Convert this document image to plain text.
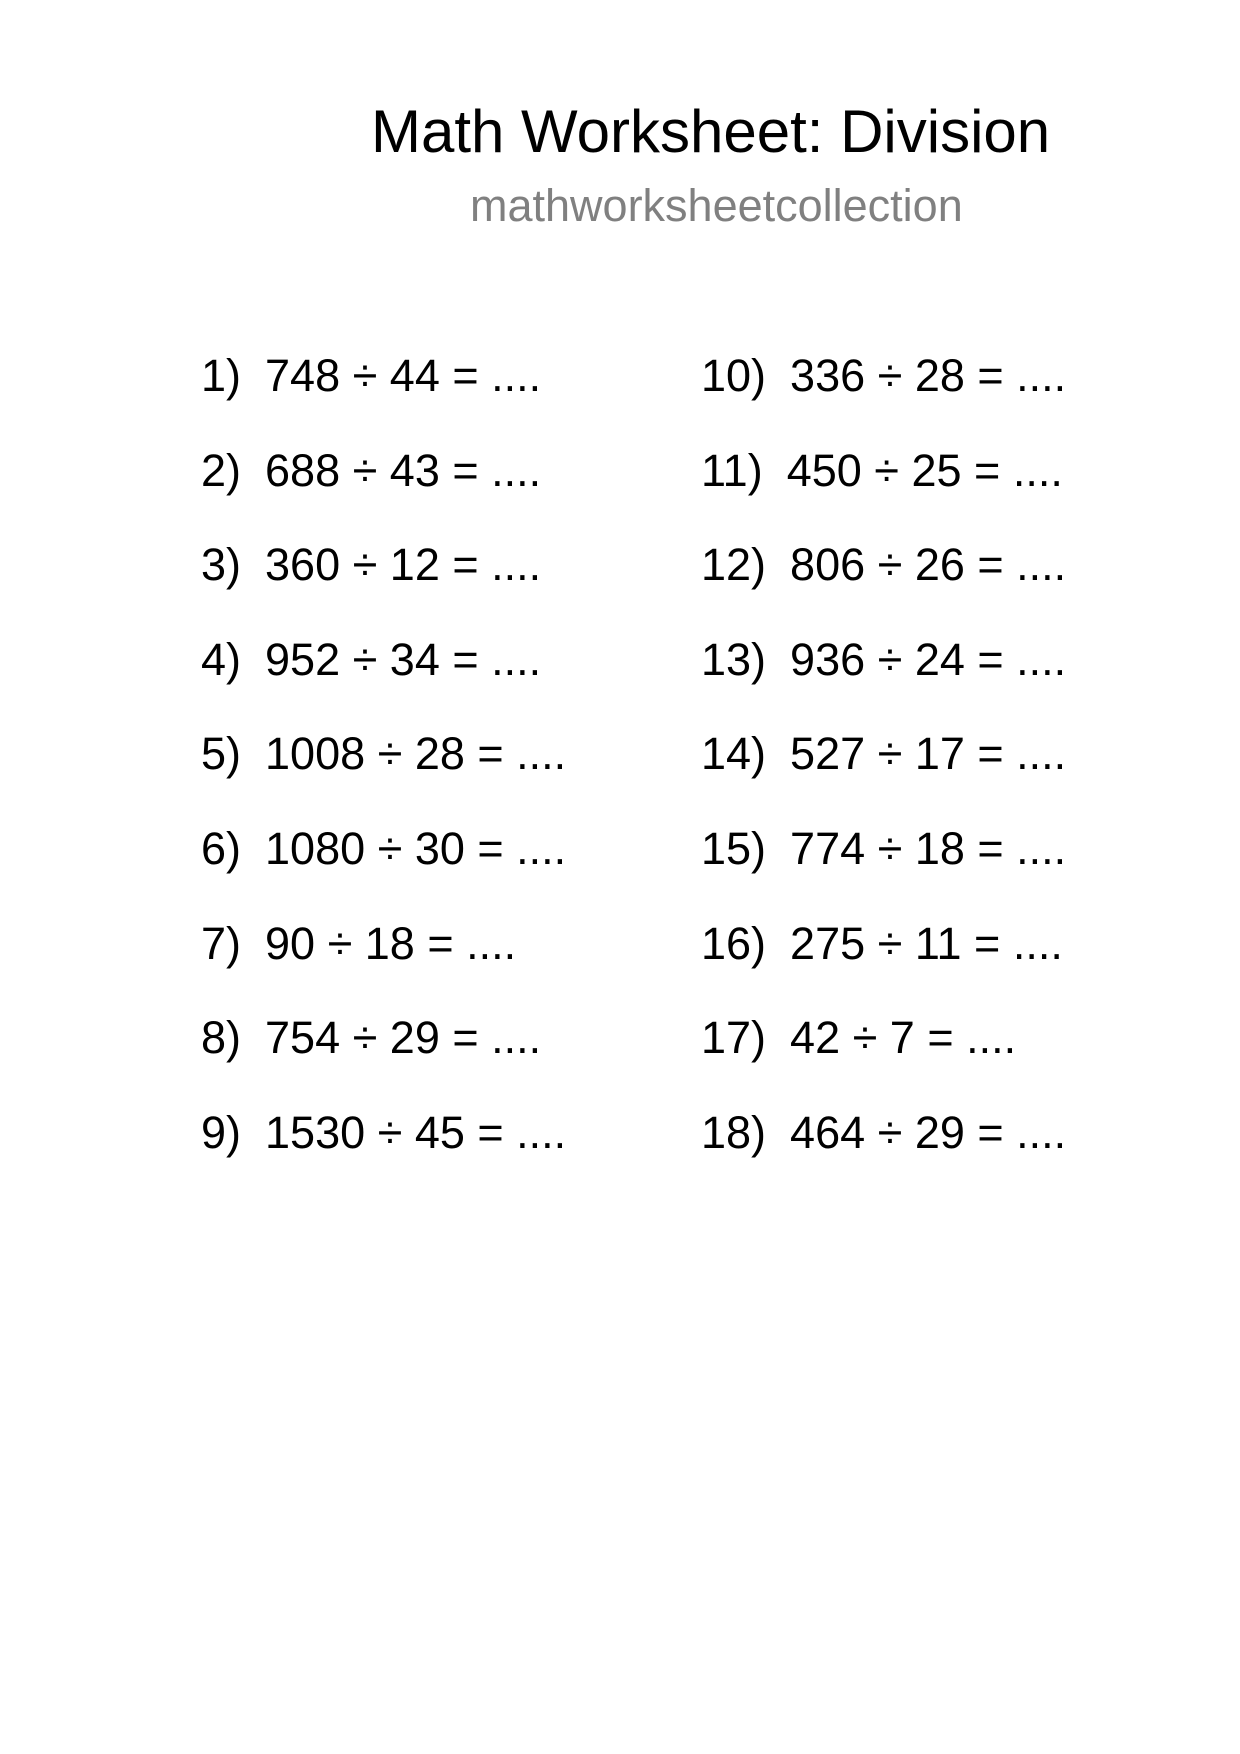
Math Worksheet: Division
mathworksheetcollection
1) 748 ÷ 44 = ....
2) 688 ÷ 43 = ....
3) 360 ÷ 12 = ....
4) 952 ÷ 34 = ....
5) 1008 ÷ 28 = ....
6) 1080 ÷ 30 = ....
7) 90 ÷ 18 = ....
8) 754 ÷ 29 = ....
9) 1530 ÷ 45 = ....
10) 336 ÷ 28 = ....
11) 450 ÷ 25 = ....
12) 806 ÷ 26 = ....
13) 936 ÷ 24 = ....
14) 527 ÷ 17 = ....
15) 774 ÷ 18 = ....
16) 275 ÷ 11 = ....
17) 42 ÷ 7 = ....
18) 464 ÷ 29 = ....
